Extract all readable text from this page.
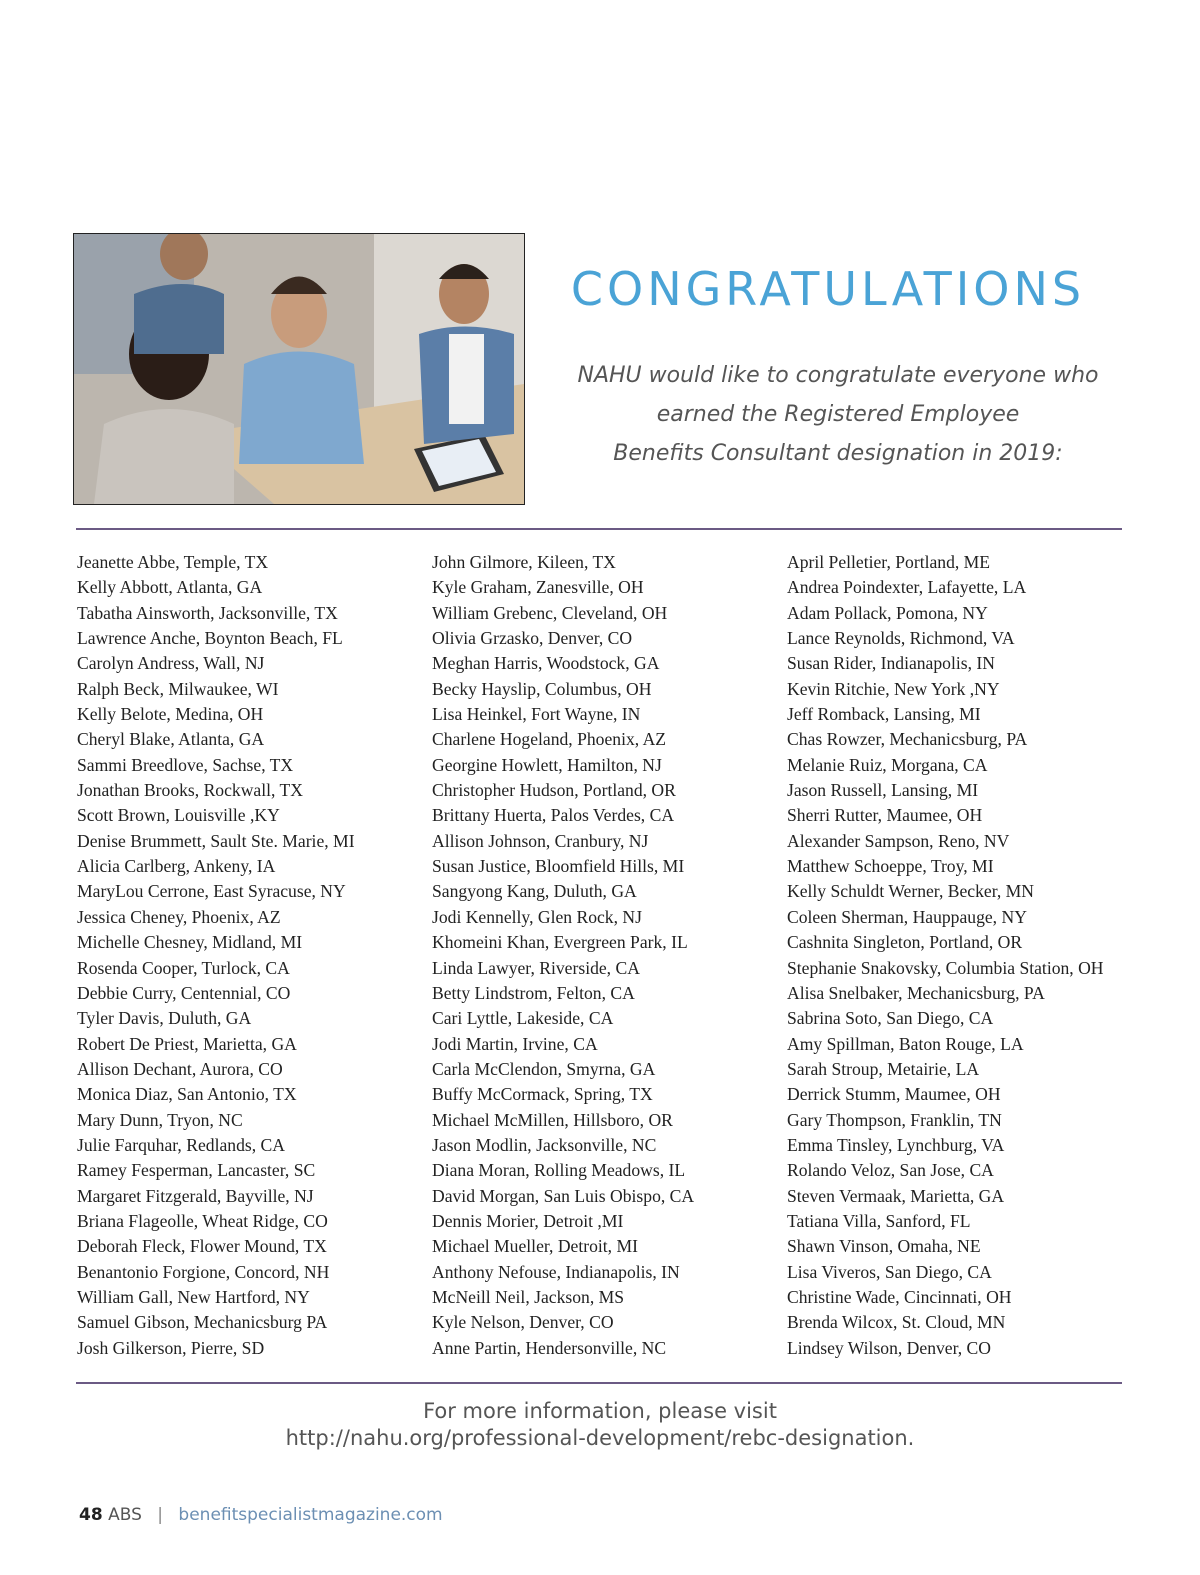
CONGRATULATIONS
NAHU would like to congratulate everyone who
earned the Registered Employee
Benefits Consultant designation in 2019:
Jeanette Abbe, Temple, TX
Kelly Abbott, Atlanta, GA
Tabatha Ainsworth, Jacksonville, TX
Lawrence Anche, Boynton Beach, FL
Carolyn Andress, Wall, NJ
Ralph Beck, Milwaukee, WI
Kelly Belote, Medina, OH
Cheryl Blake, Atlanta, GA
Sammi Breedlove, Sachse, TX
Jonathan Brooks, Rockwall, TX
Scott Brown, Louisville ,KY
Denise Brummett, Sault Ste. Marie, MI
Alicia Carlberg, Ankeny, IA
MaryLou Cerrone, East Syracuse, NY
Jessica Cheney, Phoenix, AZ
Michelle Chesney, Midland, MI
Rosenda Cooper, Turlock, CA
Debbie Curry, Centennial, CO
Tyler Davis, Duluth, GA
Robert De Priest, Marietta, GA
Allison Dechant, Aurora, CO
Monica Diaz, San Antonio, TX
Mary Dunn, Tryon, NC
Julie Farquhar, Redlands, CA
Ramey Fesperman, Lancaster, SC
Margaret Fitzgerald, Bayville, NJ
Briana Flageolle, Wheat Ridge, CO
Deborah Fleck, Flower Mound, TX
Benantonio Forgione, Concord, NH
William Gall, New Hartford, NY
Samuel Gibson, Mechanicsburg PA
Josh Gilkerson, Pierre, SD
John Gilmore, Kileen, TX
Kyle Graham, Zanesville, OH
William Grebenc, Cleveland, OH
Olivia Grzasko, Denver, CO
Meghan Harris, Woodstock, GA
Becky Hayslip, Columbus, OH
Lisa Heinkel, Fort Wayne, IN
Charlene Hogeland, Phoenix, AZ
Georgine Howlett, Hamilton, NJ
Christopher Hudson, Portland, OR
Brittany Huerta, Palos Verdes, CA
Allison Johnson, Cranbury, NJ
Susan Justice, Bloomfield Hills, MI
Sangyong Kang, Duluth, GA
Jodi Kennelly, Glen Rock, NJ
Khomeini Khan, Evergreen Park, IL
Linda Lawyer, Riverside, CA
Betty Lindstrom, Felton, CA
Cari Lyttle, Lakeside, CA
Jodi Martin, Irvine, CA
Carla McClendon, Smyrna, GA
Buffy McCormack, Spring, TX
Michael McMillen, Hillsboro, OR
Jason Modlin, Jacksonville, NC
Diana Moran, Rolling Meadows, IL
David Morgan, San Luis Obispo, CA
Dennis Morier, Detroit ,MI
Michael Mueller, Detroit, MI
Anthony Nefouse, Indianapolis, IN
McNeill Neil, Jackson, MS
Kyle Nelson, Denver, CO
Anne Partin, Hendersonville, NC
April Pelletier, Portland, ME
Andrea Poindexter, Lafayette, LA
Adam Pollack, Pomona, NY
Lance Reynolds, Richmond, VA
Susan Rider, Indianapolis, IN
Kevin Ritchie, New York ,NY
Jeff Romback, Lansing, MI
Chas Rowzer, Mechanicsburg, PA
Melanie Ruiz, Morgana, CA
Jason Russell, Lansing, MI
Sherri Rutter, Maumee, OH
Alexander Sampson, Reno, NV
Matthew Schoeppe, Troy, MI
Kelly Schuldt Werner, Becker, MN
Coleen Sherman, Hauppauge, NY
Cashnita Singleton, Portland, OR
Stephanie Snakovsky, Columbia Station, OH
Alisa Snelbaker, Mechanicsburg, PA
Sabrina Soto, San Diego, CA
Amy Spillman, Baton Rouge, LA
Sarah Stroup, Metairie, LA
Derrick Stumm, Maumee, OH
Gary Thompson, Franklin, TN
Emma Tinsley, Lynchburg, VA
Rolando Veloz, San Jose, CA
Steven Vermaak, Marietta, GA
Tatiana Villa, Sanford, FL
Shawn Vinson, Omaha, NE
Lisa Viveros, San Diego, CA
Christine Wade, Cincinnati, OH
Brenda Wilcox, St. Cloud, MN
Lindsey Wilson, Denver, CO
For more information, please visit
http://nahu.org/professional-development/rebc-designation.
48 ABS | benefitspecialistmagazine.com
